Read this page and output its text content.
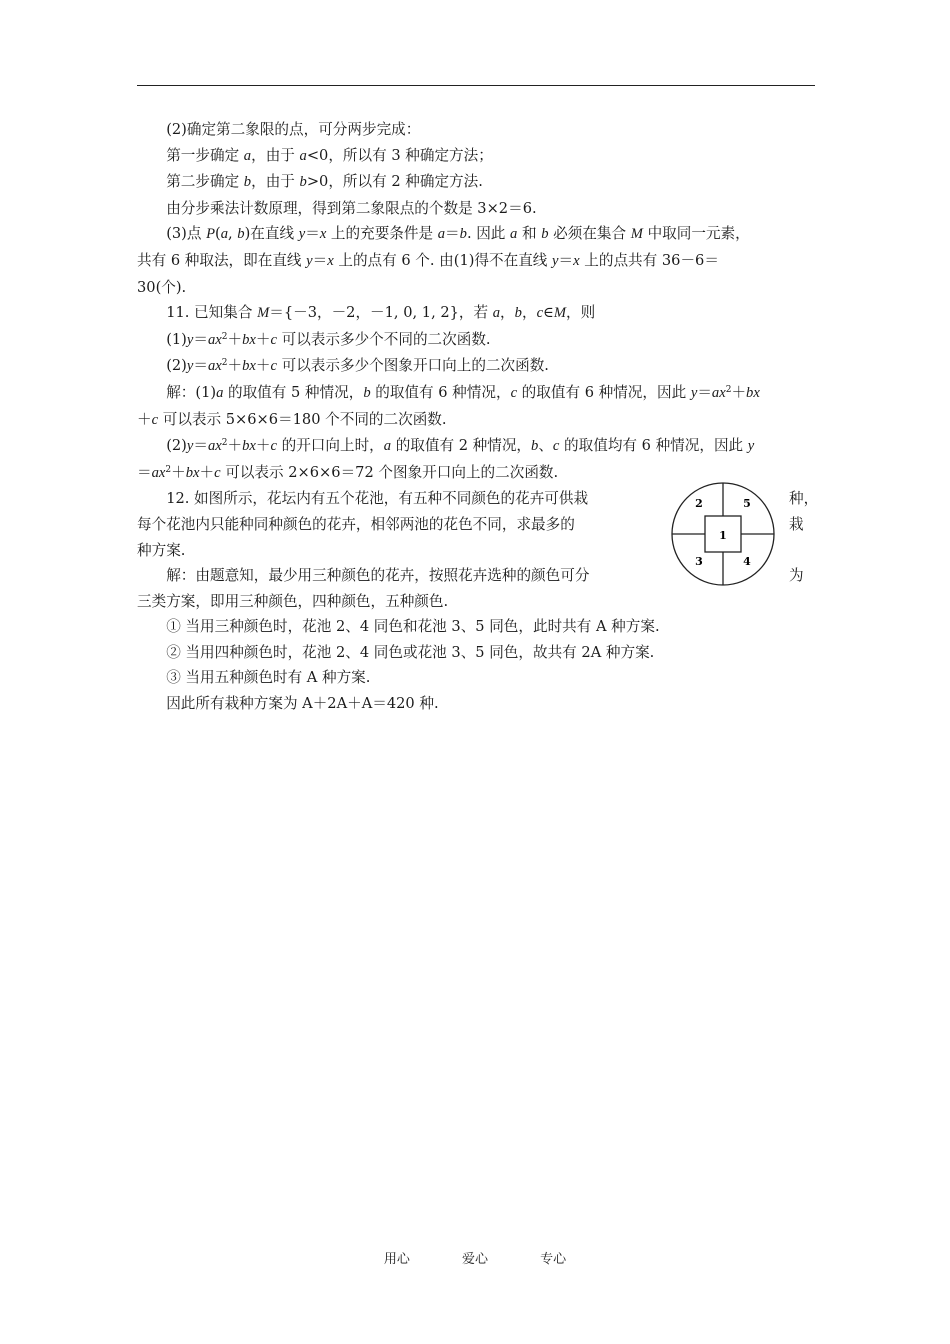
(2)确定第二象限的点，可分两步完成：

第一步确定 a，由于 a<0，所以有 3 种确定方法；

第二步确定 b，由于 b>0，所以有 2 种确定方法.

由分步乘法计数原理，得到第二象限点的个数是 3×2＝6.

(3)点 P(a, b)在直线 y＝x 上的充要条件是 a＝b. 因此 a 和 b 必须在集合 M 中取同一元素，

共有 6 种取法，即在直线 y＝x 上的点有 6 个. 由(1)得不在直线 y＝x 上的点共有 36－6＝

30(个).

11. 已知集合 M＝{－3，－2，－1, 0, 1, 2}，若 a，b，c∈M，则

$(1)y=ax^2+bx+c$ 可以表示多少个不同的二次函数.

$(2)y=ax^2+bx+c$ 可以表示多少个图象开口向上的二次函数.

解：(1)a 的取值有 5 种情况，b 的取值有 6 种情况，c 的取值有 6 种情况，因此 $y=ax^2+bx$

＋c 可以表示 5×6×6＝180 个不同的二次函数.

$(2)y=ax^2+bx+c$ 的开口向上时，a 的取值有 2 种情况，b、c 的取值均有 6 种情况，因此 y

$=ax^2+bx+c$ 可以表示 2×6×6＝72 个图象开口向上的二次函数.

12. 如图所示，花坛内有五个花池，有五种不同颜色的花卉可供栽	种，
每个花池内只能种同种颜色的花卉，相邻两池的花色不同，求最多的	栽
种方案.
解：由题意知，最少用三种颜色的花卉，按照花卉选种的颜色可分	为
三类方案，即用三种颜色，四种颜色，五种颜色.
① 当用三种颜色时，花池 2、4 同色和花池 3、5 同色，此时共有 A 种方案.
② 当用四种颜色时，花池 2、4 同色或花池 3、5 同色，故共有 2A 种方案.
③ 当用五种颜色时有 A 种方案.
因此所有栽种方案为 A＋2A＋A＝420 种.
1
2
3	4
5
用心	爱心	专心
